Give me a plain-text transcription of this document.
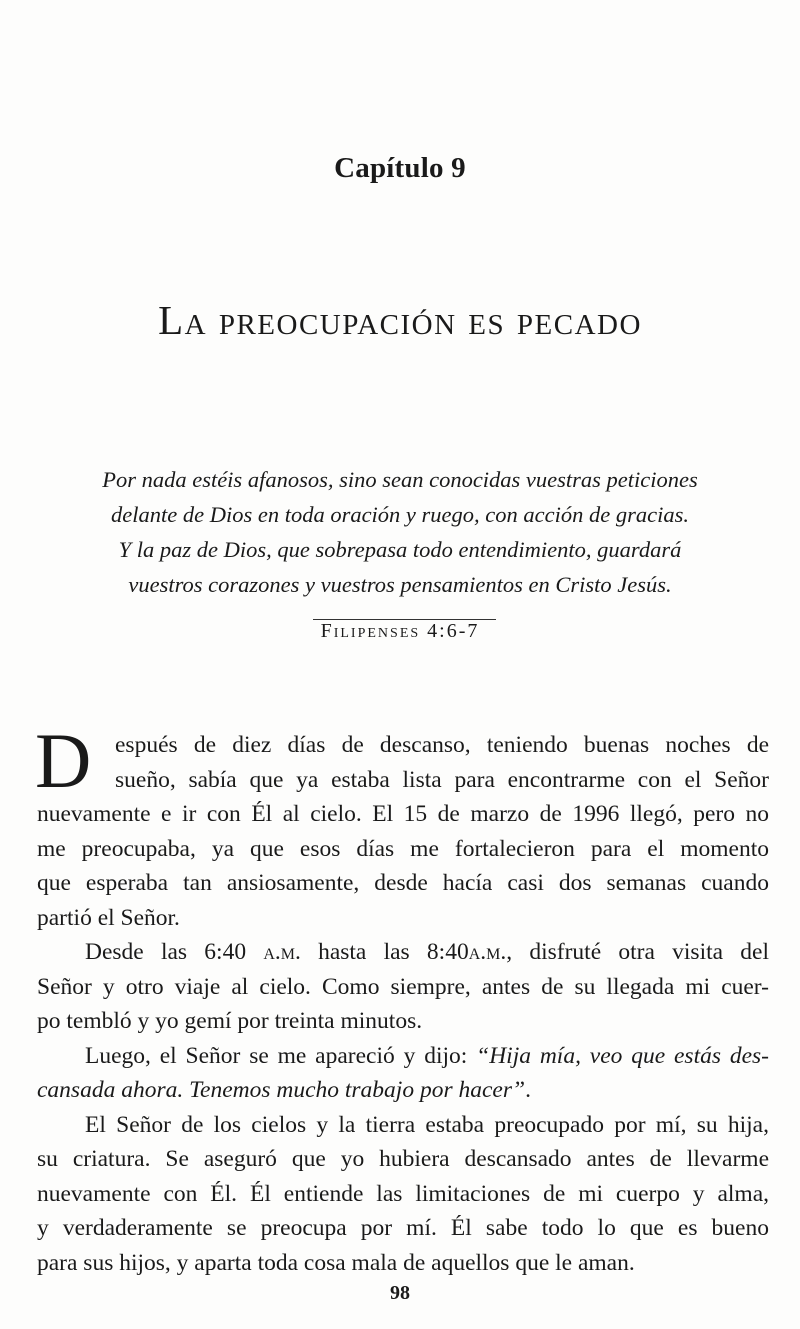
Capítulo 9
La preocupación es pecado
Por nada estéis afanosos, sino sean conocidas vuestras peticiones
delante de Dios en toda oración y ruego, con acción de gracias.
Y la paz de Dios, que sobrepasa todo entendimiento, guardará
vuestros corazones y vuestros pensamientos en Cristo Jesús.
Filipenses 4:6-7
D	espués de diez días de descanso, teniendo buenas noches de
sueño, sabía que ya estaba lista para encontrarme con el Señor
nuevamente e ir con Él al cielo. El 15 de marzo de 1996 llegó, pero no
me preocupaba, ya que esos días me fortalecieron para el momento
que esperaba tan ansiosamente, desde hacía casi dos semanas cuando
partió el Señor.
Desde las 6:40 a.m. hasta las 8:40a.m., disfruté otra visita del
Señor y otro viaje al cielo. Como siempre, antes de su llegada mi cuer-
po tembló y yo gemí por treinta minutos.
Luego, el Señor se me apareció y dijo: “Hija mía, veo que estás des-
cansada ahora. Tenemos mucho trabajo por hacer”.
El Señor de los cielos y la tierra estaba preocupado por mí, su hija,
su criatura. Se aseguró que yo hubiera descansado antes de llevarme
nuevamente con Él. Él entiende las limitaciones de mi cuerpo y alma,
y verdaderamente se preocupa por mí. Él sabe todo lo que es bueno
para sus hijos, y aparta toda cosa mala de aquellos que le aman.
98
